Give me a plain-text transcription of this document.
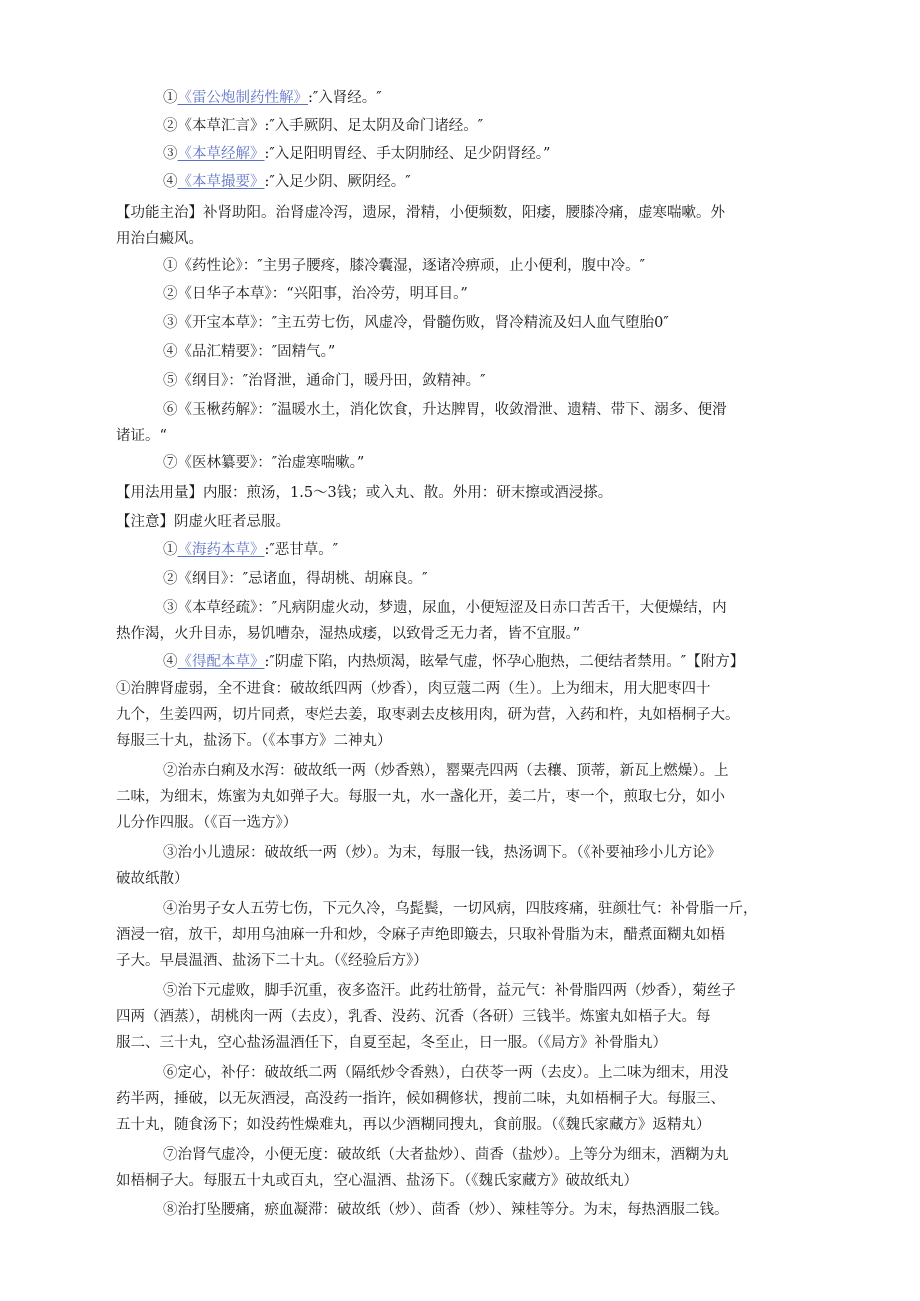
①《雷公炮制药性解》:″入肾经。″
②《本草汇言》:″入手厥阴、足太阴及命门诸经。″
③《本草经解》:″入足阳明胃经、手太阴肺经、足少阴肾经。”
④《本草撮要》:″入足少阴、厥阴经。″
【功能主治】补肾助阳。治肾虚冷泻，遗尿，滑精，小便频数，阳痿，腰膝冷痛，虚寒喘嗽。外
用治白癜风。
①《药性论》：″主男子腰疼，膝冷囊湿，逐诸冷痹顽，止小便利，腹中冷。″
②《日华子本草》：“兴阳事，治冷劳，明耳目。”
③《开宝本草》：″主五劳七伤，风虚冷，骨髓伤败，肾冷精流及妇人血气堕胎0″
④《品汇精要》：″固精气。”
⑤《纲目》：″治肾泄，通命门，暖丹田，敛精神。″
⑥《玉楸药解》：″温暖水土，消化饮食，升达脾胃，收敛滑泄、遗精、带下、溺多、便滑
诸证。“
⑦《医林纂要》：″治虚寒喘嗽。”
【用法用量】内服：煎汤，1.5～3钱；或入丸、散。外用：研末擦或酒浸搽。
【注意】阴虚火旺者忌服。
①《海药本草》:″恶甘草。″
②《纲目》：″忌诸血，得胡桃、胡麻良。″
③《本草经疏》：″凡病阴虚火动，梦遗，尿血，小便短涩及日赤口苦舌干，大便燥结，内
热作渴，火升目赤，易饥嘈杂，湿热成痿，以致骨乏无力者，皆不宜服。”
④《得配本草》:″阴虚下陷，内热烦渴，眩晕气虚，怀孕心胞热，二便结者禁用。″【附方】
①治脾肾虚弱，全不进食：破故纸四两（炒香），肉豆蔻二两（生）。上为细末，用大肥枣四十
九个，生姜四两，切片同煮，枣烂去姜，取枣剥去皮核用肉，研为营，入药和杵，丸如梧桐子大。
每服三十丸，盐汤下。（《本事方》二神丸）
②治赤白痢及水泻：破故纸一两（炒香熟），罂粟壳四两（去穰、顶蒂，新瓦上燃燥）。上
二味，为细末，炼蜜为丸如弹子大。每服一丸，水一盏化开，姜二片，枣一个，煎取七分，如小
儿分作四服。（《百一选方》）
③治小儿遗尿：破故纸一两（炒）。为末，每服一钱，热汤调下。（《补要袖珍小儿方论》
破故纸散）
④治男子女人五劳七伤，下元久冷，乌髭鬓，一切风病，四肢疼痛，驻颜壮气：补骨脂一斤，
酒浸一宿，放干，却用乌油麻一升和炒，令麻子声绝即簸去，只取补骨脂为末，醋煮面糊丸如梧
子大。早晨温酒、盐汤下二十丸。（《经验后方》）
⑤治下元虚败，脚手沉重，夜多盗汗。此药壮筋骨，益元气：补骨脂四两（炒香），菊丝子
四两（酒蒸），胡桃肉一两（去皮），乳香、没药、沉香（各研）三钱半。炼蜜丸如梧子大。每
服二、三十丸，空心盐汤温酒任下，自夏至起，冬至止，日一服。（《局方》补骨脂丸）
⑥定心，补仔：破故纸二两（隔纸炒令香熟），白茯苓一两（去皮）。上二味为细末，用没
药半两，捶破，以无灰酒浸，高没药一指许，候如稠修状，搜前二味，丸如梧桐子大。每服三、
五十丸，随食汤下；如没药性燥难丸，再以少酒糊同搜丸，食前服。（《魏氏家藏方》返精丸）
⑦治肾气虚冷，小便无度：破故纸（大者盐炒）、茴香（盐炒）。上等分为细末，酒糊为丸
如梧桐子大。每服五十丸或百丸，空心温酒、盐汤下。（《魏氏家藏方》破故纸丸）
⑧治打坠腰痛，瘀血凝滞：破故纸（炒）、茴香（炒）、辣桂等分。为末，每热酒服二钱。
